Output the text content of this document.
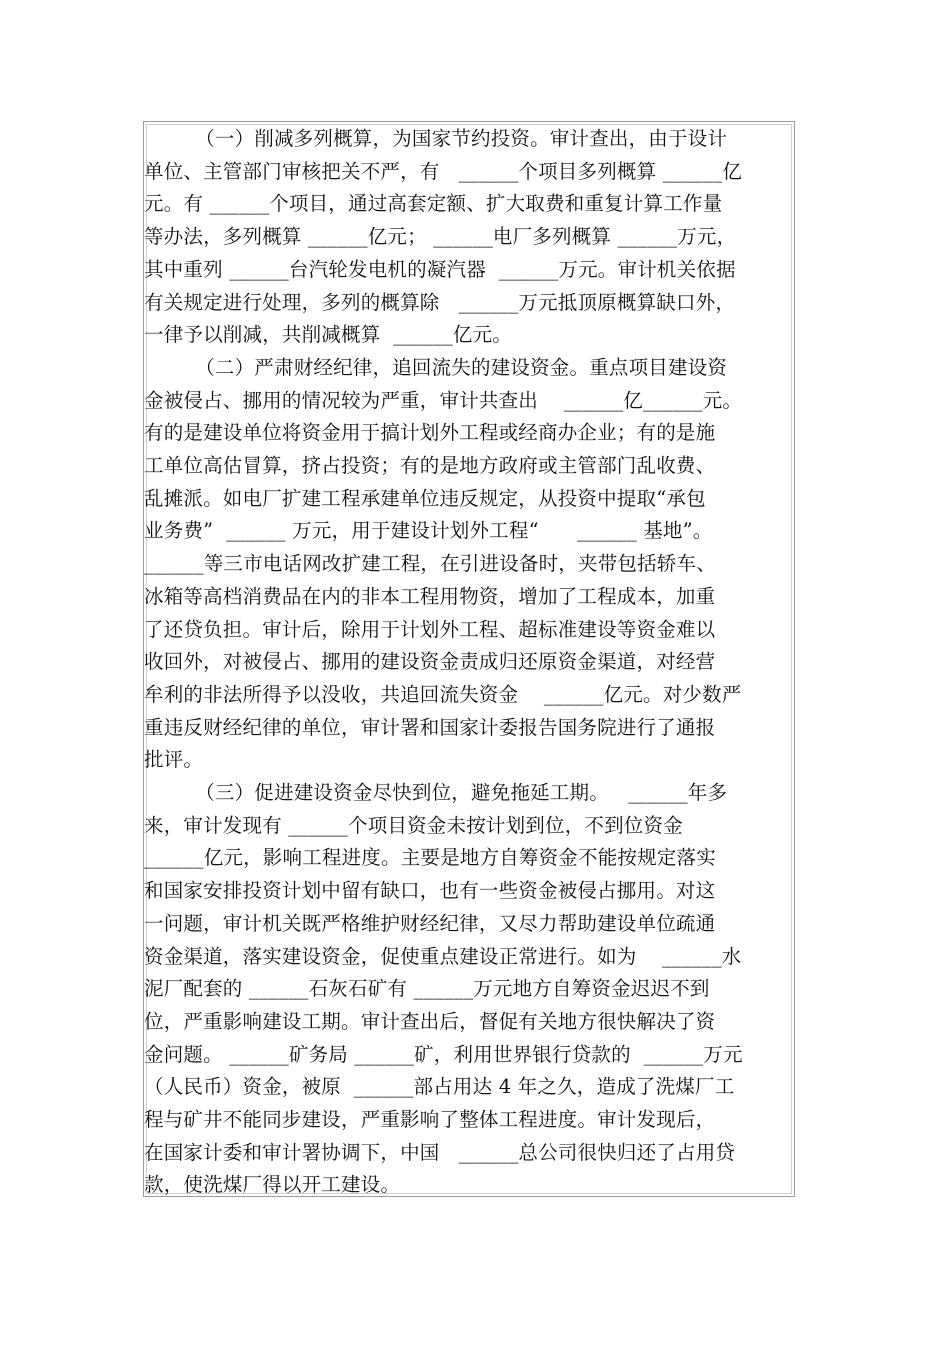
（一）削减多列概算，为国家节约投资。审计查出，由于设计
单位、主管部门审核把关不严，有   ______个项目多列概算 ______亿
元。有 ______个项目，通过高套定额、扩大取费和重复计算工作量
等办法，多列概算 ______亿元； ______电厂多列概算 ______万元，
其中重列 ______台汽轮发电机的凝汽器  ______万元。审计机关依据
有关规定进行处理，多列的概算除   ______万元抵顶原概算缺口外，
一律予以削减，共削减概算  ______亿元。
（二）严肃财经纪律，追回流失的建设资金。重点项目建设资
金被侵占、挪用的情况较为严重，审计共查出    ______亿______元。
有的是建设单位将资金用于搞计划外工程或经商办企业；有的是施
工单位高估冒算，挤占投资；有的是地方政府或主管部门乱收费、
乱摊派。如电厂扩建工程承建单位违反规定，从投资中提取“承包
业务费”  ______ 万元，用于建设计划外工程“      ______ 基地”。
______等三市电话网改扩建工程，在引进设备时，夹带包括轿车、
冰箱等高档消费品在内的非本工程用物资，增加了工程成本，加重
了还贷负担。审计后，除用于计划外工程、超标准建设等资金难以
收回外，对被侵占、挪用的建设资金责成归还原资金渠道，对经营
牟利的非法所得予以没收，共追回流失资金    ______亿元。对少数严
重违反财经纪律的单位，审计署和国家计委报告国务院进行了通报
批评。
（三）促进建设资金尽快到位，避免拖延工期。   ______年多
来，审计发现有 ______个项目资金未按计划到位，不到位资金
______亿元，影响工程进度。主要是地方自筹资金不能按规定落实
和国家安排投资计划中留有缺口，也有一些资金被侵占挪用。对这
一问题，审计机关既严格维护财经纪律，又尽力帮助建设单位疏通
资金渠道，落实建设资金，促使重点建设正常进行。如为    ______水
泥厂配套的 ______石灰石矿有 ______万元地方自筹资金迟迟不到
位，严重影响建设工期。审计查出后，督促有关地方很快解决了资
金问题。 ______矿务局 ______矿，利用世界银行贷款的  ______万元
（人民币）资金，被原  ______部占用达 4 年之久，造成了洗煤厂工
程与矿井不能同步建设，严重影响了整体工程进度。审计发现后，
在国家计委和审计署协调下，中国   ______总公司很快归还了占用贷
款，使洗煤厂得以开工建设。
